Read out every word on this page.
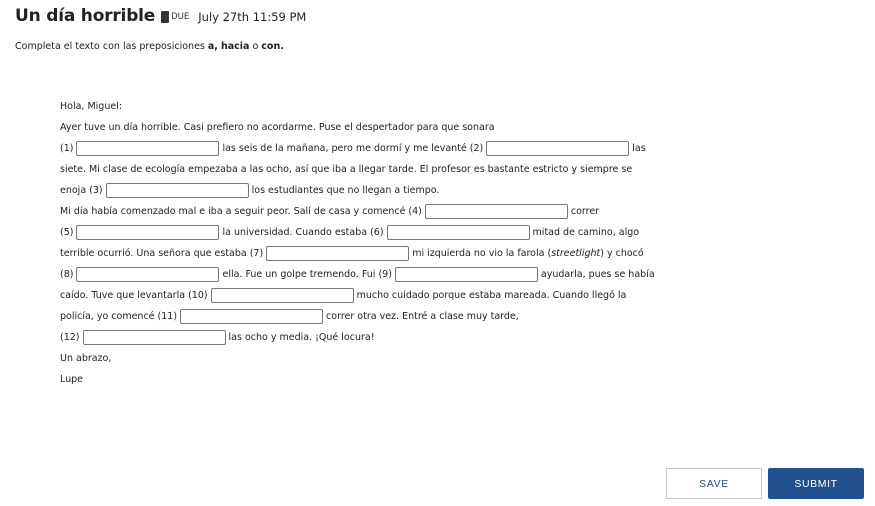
Un día horrible DUE July 27th 11:59 PM
Completa el texto con las preposiciones a, hacia o con.
Hola, Miguel:
Ayer tuve un día horrible. Casi prefiero no acordarme. Puse el despertador para que sonara
(1)	las seis de la mañana, pero me dormí y me levanté (2)	las
siete. Mi clase de ecología empezaba a las ocho, así que iba a llegar tarde. El profesor es bastante estricto y siempre se
enoja (3)	los estudiantes que no llegan a tiempo.
Mi día había comenzado mal e iba a seguir peor. Salí de casa y comencé (4)	correr
(5)	la universidad. Cuando estaba (6)	mitad de camino, algo
terrible ocurrió. Una señora que estaba (7)	mi izquierda no vio la farola ( streetlight ) y chocó
(8)	ella. Fue un golpe tremendo. Fui (9)	ayudarla, pues se había
caído. Tuve que levantarla (10)	mucho cuidado porque estaba mareada. Cuando llegó la
policía, yo comencé (11)	correr otra vez. Entré a clase muy tarde,
(12)	las ocho y media. ¡Qué locura!
Un abrazo,
Lupe
SAVE	SUBMIT
